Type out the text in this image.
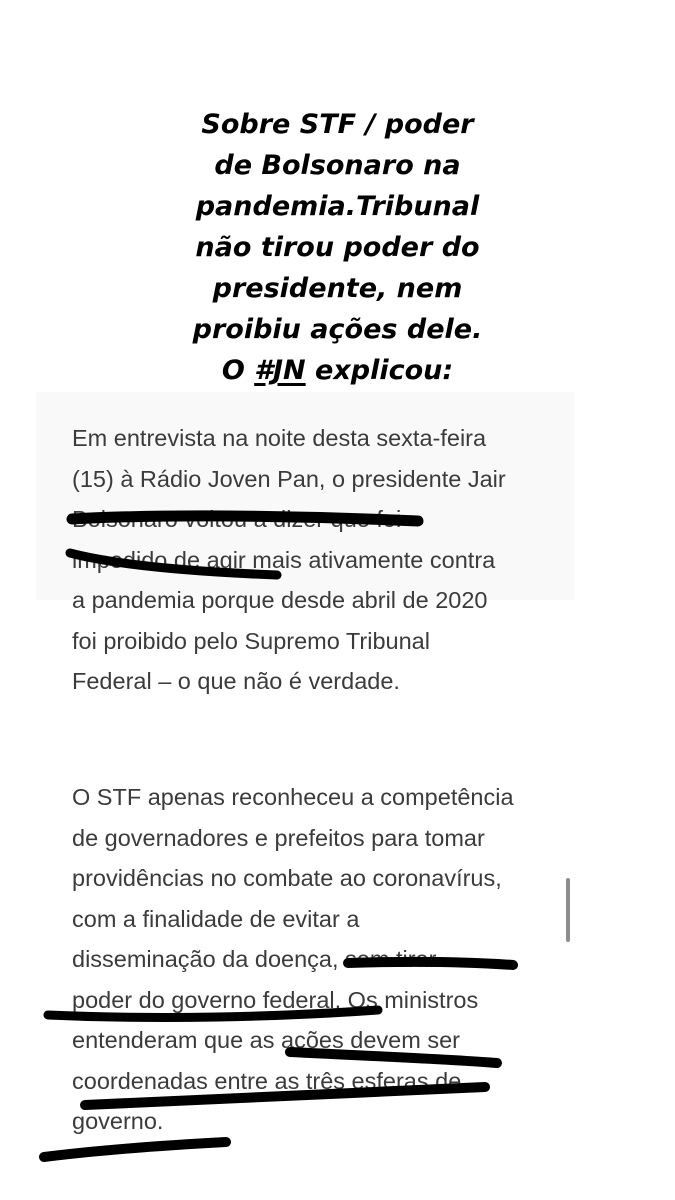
Sobre STF / poder
de Bolsonaro na
pandemia.Tribunal
não tirou poder do
presidente, nem
proibiu ações dele.
O #JN explicou:

Em entrevista na noite desta sexta-feira
(15) à Rádio Joven Pan, o presidente Jair
Bolsonaro voltou a dizer que foi
impedido de agir mais ativamente contra
a pandemia porque desde abril de 2020
foi proibido pelo Supremo Tribunal
Federal – o que não é verdade.

O STF apenas reconheceu a competência
de governadores e prefeitos para tomar
providências no combate ao coronavírus,
com a finalidade de evitar a
disseminação da doença, sem tirar
poder do governo federal. Os ministros
entenderam que as ações devem ser
coordenadas entre as três esferas de
governo.
